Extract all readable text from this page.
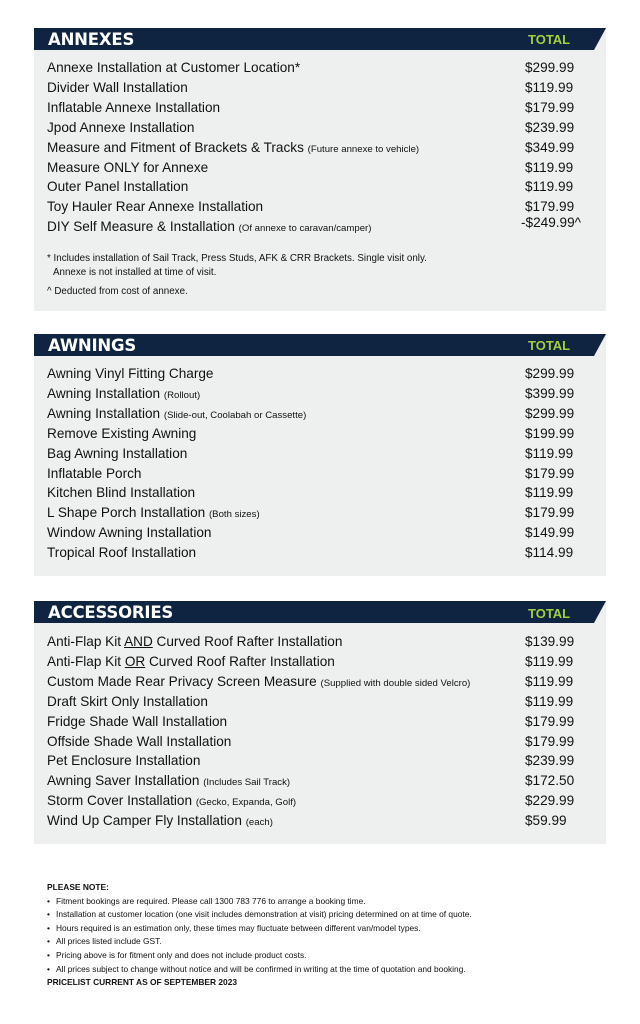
ANNEXES	TOTAL
Annexe Installation at Customer Location*	$299.99
Divider Wall Installation	$119.99
Inflatable Annexe Installation	$179.99
Jpod Annexe Installation	$239.99
Measure and Fitment of Brackets & Tracks (Future annexe to vehicle)	$349.99
Measure ONLY for Annexe	$119.99
Outer Panel Installation	$119.99
Toy Hauler Rear Annexe Installation	$179.99
DIY Self Measure & Installation (Of annexe to caravan/camper)	-$249.99^
* Includes installation of Sail Track, Press Studs, AFK & CRR Brackets. Single visit only.
Annexe is not installed at time of visit.
^ Deducted from cost of annexe.
AWNINGS	TOTAL
Awning Vinyl Fitting Charge	$299.99
Awning Installation (Rollout)	$399.99
Awning Installation (Slide-out, Coolabah or Cassette)	$299.99
Remove Existing Awning	$199.99
Bag Awning Installation	$119.99
Inflatable Porch	$179.99
Kitchen Blind Installation	$119.99
L Shape Porch Installation (Both sizes)	$179.99
Window Awning Installation	$149.99
Tropical Roof Installation	$114.99
ACCESSORIES	TOTAL
Anti-Flap Kit AND Curved Roof Rafter Installation	$139.99
Anti-Flap Kit OR Curved Roof Rafter Installation	$119.99
Custom Made Rear Privacy Screen Measure (Supplied with double sided Velcro)	$119.99
Draft Skirt Only Installation	$119.99
Fridge Shade Wall Installation	$179.99
Offside Shade Wall Installation	$179.99
Pet Enclosure Installation	$239.99
Awning Saver Installation (Includes Sail Track)	$172.50
Storm Cover Installation (Gecko, Expanda, Golf)	$229.99
Wind Up Camper Fly Installation (each)	$59.99
PLEASE NOTE:
• Fitment bookings are required. Please call 1300 783 776 to arrange a booking time.
• Installation at customer location (one visit includes demonstration at visit) pricing determined on at time of quote.
• Hours required is an estimation only, these times may fluctuate between different van/model types.
• All prices listed include GST.
• Pricing above is for fitment only and does not include product costs.
• All prices subject to change without notice and will be confirmed in writing at the time of quotation and booking.
PRICELIST CURRENT AS OF SEPTEMBER 2023
